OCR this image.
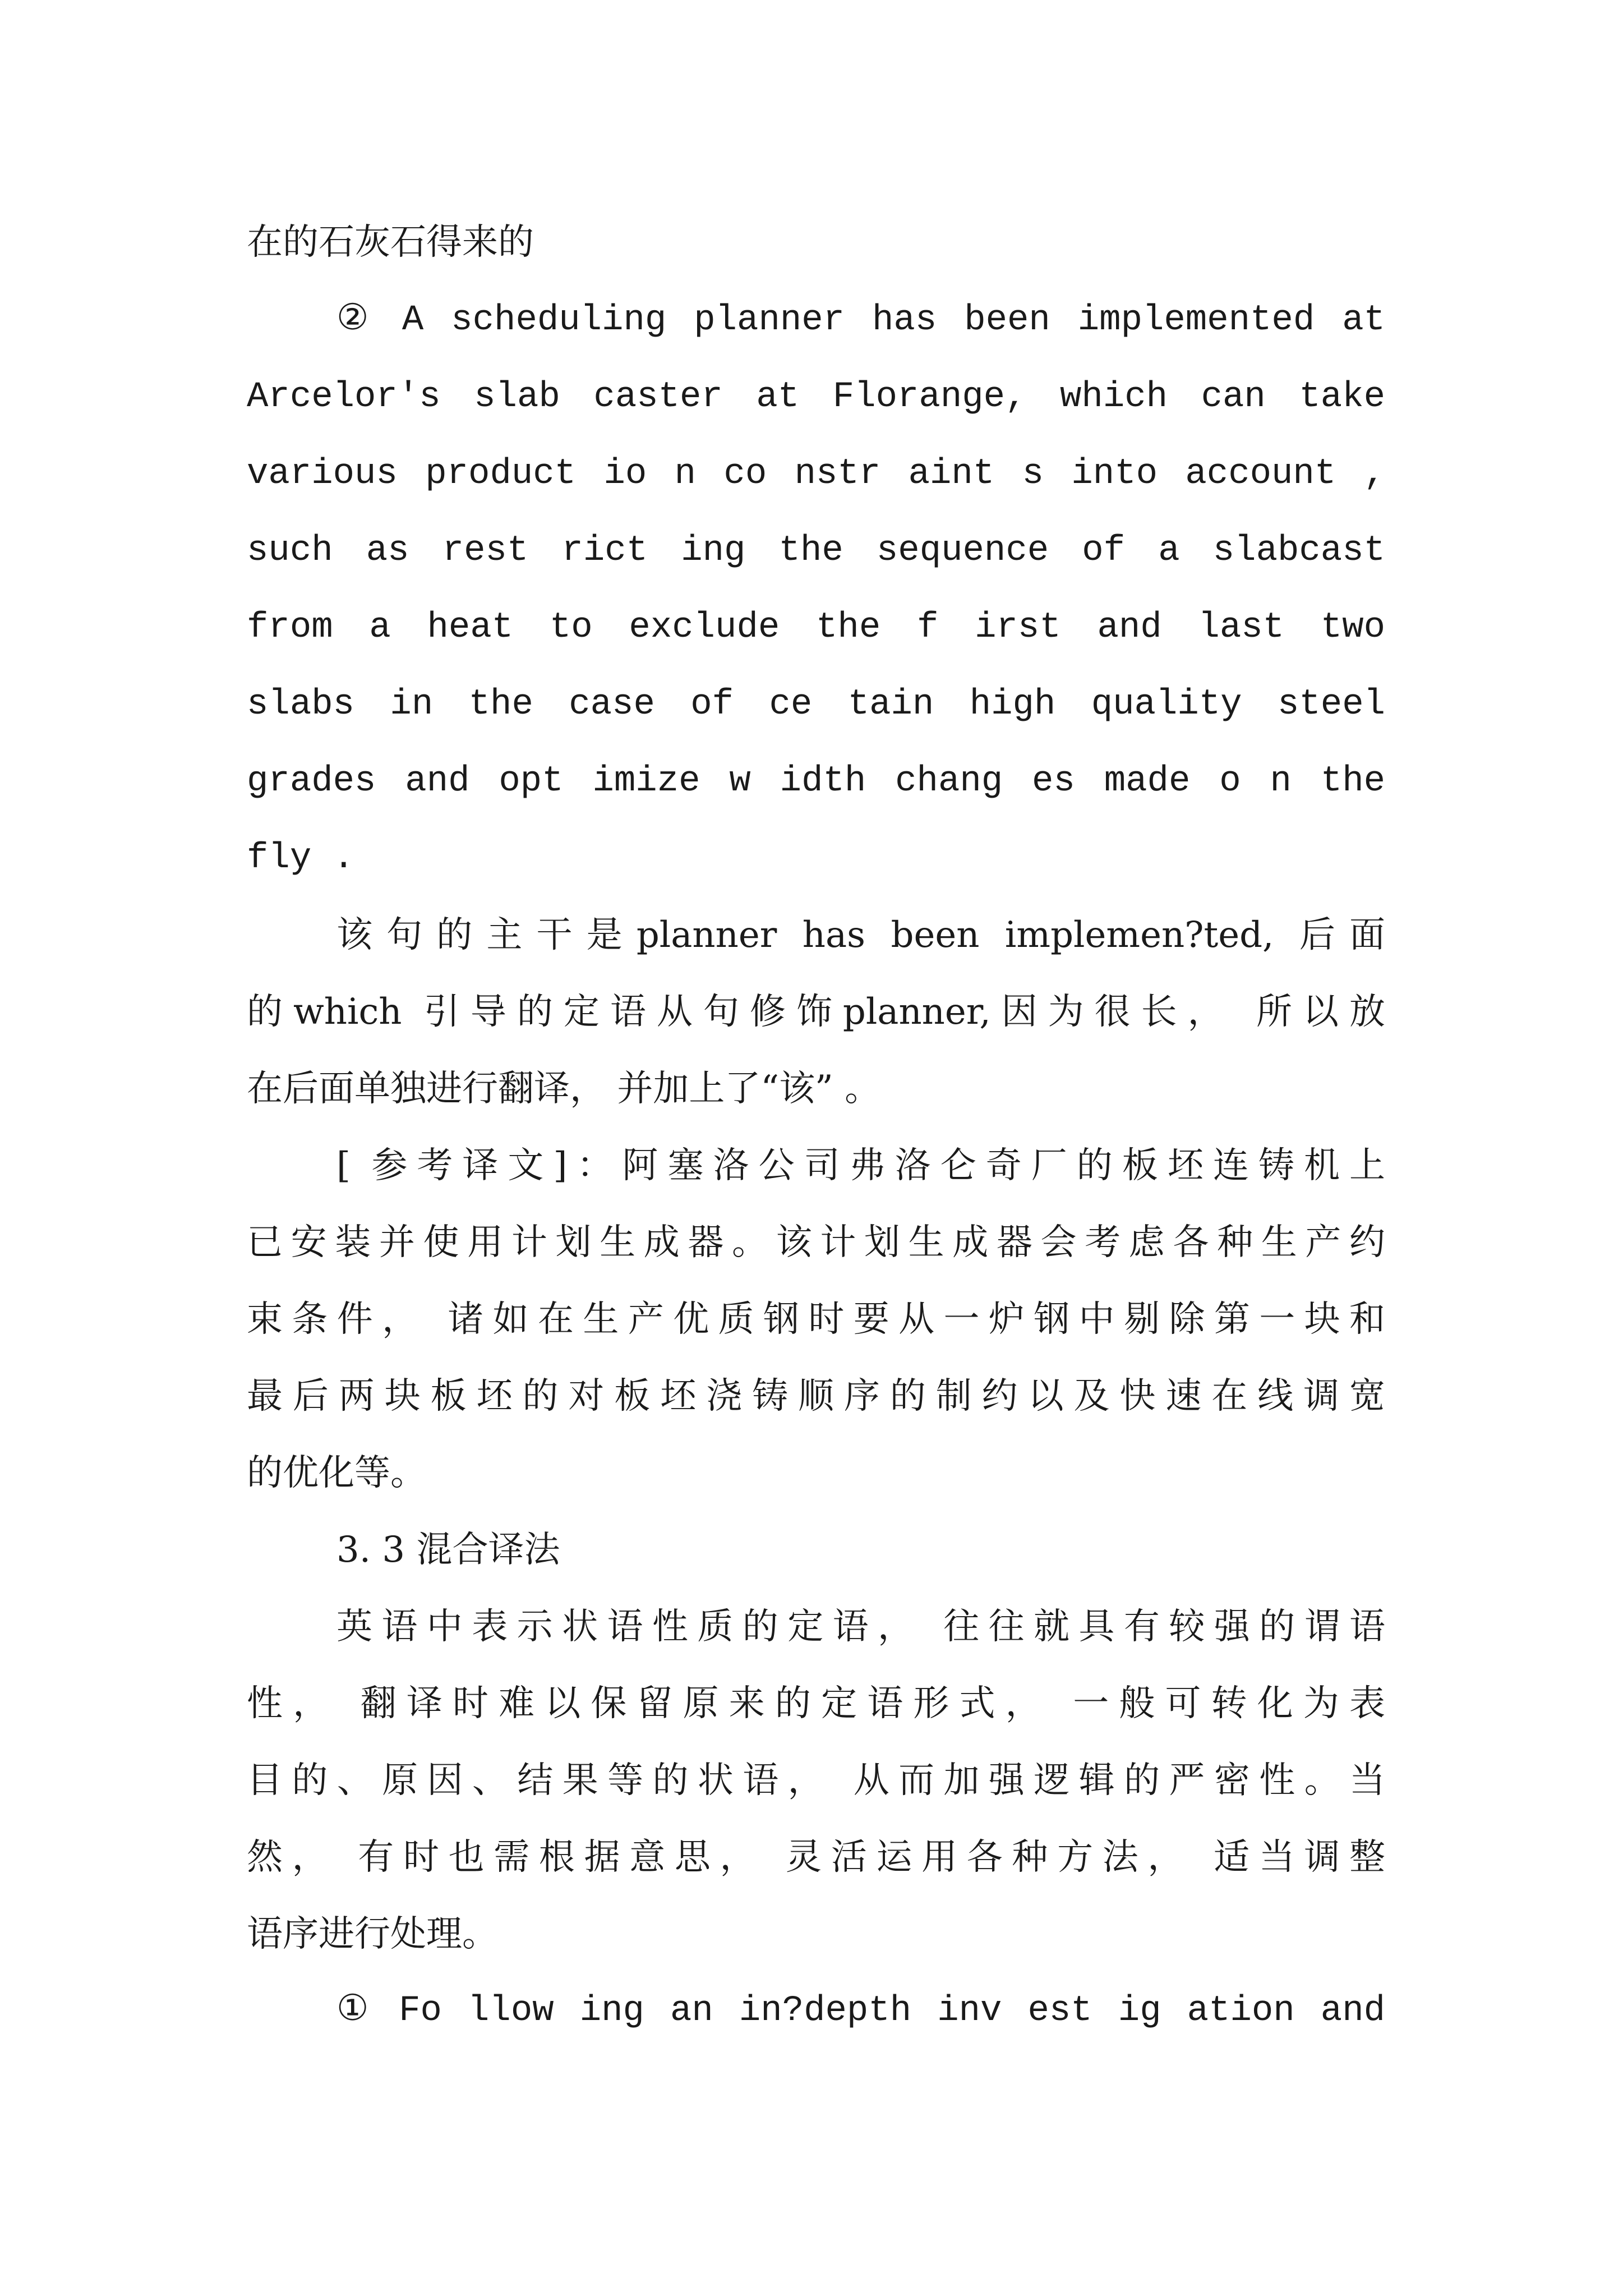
在的石灰石得来的
② A scheduling planner has been implemented at
Arcelor's slab caster at Florange, which can take
various product io n co nstr aint s into account ,
such as rest rict ing the sequence of a slabcast
from a heat to exclude the f irst and last two
slabs in the case of ce tain high quality steel
grades and opt imize w idth chang es made o n the
fly .
该句的主干是planner has been implemen?ted, 后面
的which 引导的定语从句修饰planner,因为很长， 所以放
在后面单独进行翻译， 并加上了“该” 。
[ 参考译文]：阿塞洛公司弗洛仑奇厂的板坯连铸机上
已安装并使用计划生成器。该计划生成器会考虑各种生产约
束条件， 诸如在生产优质钢时要从一炉钢中剔除第一块和
最后两块板坯的对板坯浇铸顺序的制约以及快速在线调宽
的优化等。
3. 3 混合译法
英语中表示状语性质的定语， 往往就具有较强的谓语
性， 翻译时难以保留原来的定语形式， 一般可转化为表
目的、原因、结果等的状语， 从而加强逻辑的严密性。当
然， 有时也需根据意思， 灵活运用各种方法， 适当调整
语序进行处理。
① Fo llow ing an in?depth inv est ig ation and
